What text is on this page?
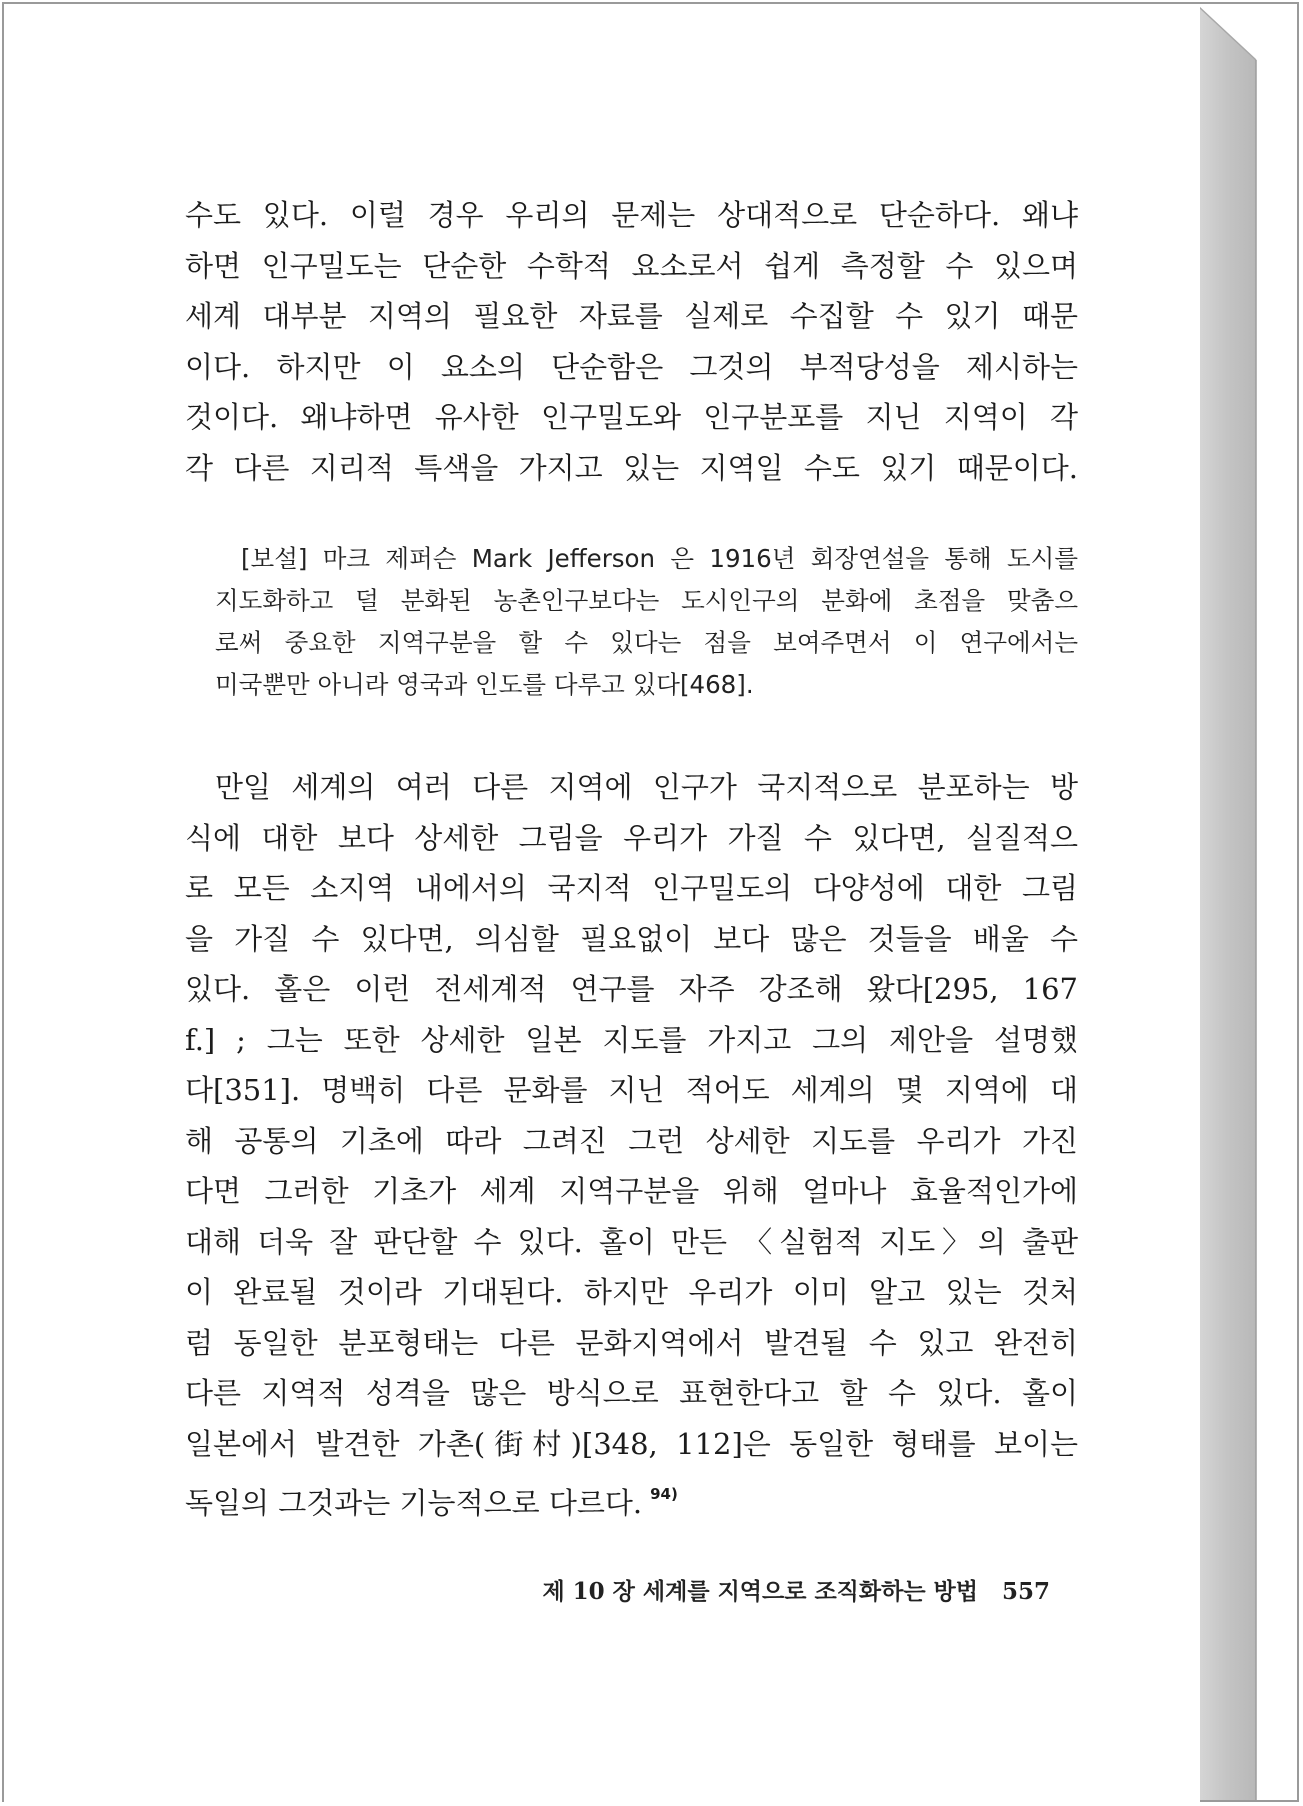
수도 있다. 이럴 경우 우리의 문제는 상대적으로 단순하다. 왜냐
하면 인구밀도는 단순한 수학적 요소로서 쉽게 측정할 수 있으며
세계 대부분 지역의 필요한 자료를 실제로 수집할 수 있기 때문
이다. 하지만 이 요소의 단순함은 그것의 부적당성을 제시하는
것이다. 왜냐하면 유사한 인구밀도와 인구분포를 지닌 지역이 각
각 다른 지리적 특색을 가지고 있는 지역일 수도 있기 때문이다.
[보설] 마크 제퍼슨 Mark Jefferson 은 1916년 회장연설을 통해 도시를
지도화하고 덜 분화된 농촌인구보다는 도시인구의 분화에 초점을 맞춤으
로써 중요한 지역구분을 할 수 있다는 점을 보여주면서 이 연구에서는
미국뿐만 아니라 영국과 인도를 다루고 있다[468].
만일 세계의 여러 다른 지역에 인구가 국지적으로 분포하는 방
식에 대한 보다 상세한 그림을 우리가 가질 수 있다면, 실질적으
로 모든 소지역 내에서의 국지적 인구밀도의 다양성에 대한 그림
을 가질 수 있다면, 의심할 필요없이 보다 많은 것들을 배울 수
있다. 홀은 이런 전세계적 연구를 자주 강조해 왔다[295, 167
f.] ; 그는 또한 상세한 일본 지도를 가지고 그의 제안을 설명했
다[351]. 명백히 다른 문화를 지닌 적어도 세계의 몇 지역에 대
해 공통의 기초에 따라 그려진 그런 상세한 지도를 우리가 가진
다면 그러한 기초가 세계 지역구분을 위해 얼마나 효율적인가에
대해 더욱 잘 판단할 수 있다. 홀이 만든 〈실험적 지도〉의 출판
이 완료될 것이라 기대된다. 하지만 우리가 이미 알고 있는 것처
럼 동일한 분포형태는 다른 문화지역에서 발견될 수 있고 완전히
다른 지역적 성격을 많은 방식으로 표현한다고 할 수 있다. 홀이
일본에서 발견한 가촌(街村)[348, 112]은 동일한 형태를 보이는
독일의 그것과는 기능적으로 다르다. $^{94)}$
제 10 장 세계를 지역으로 조직화하는 방법 557
